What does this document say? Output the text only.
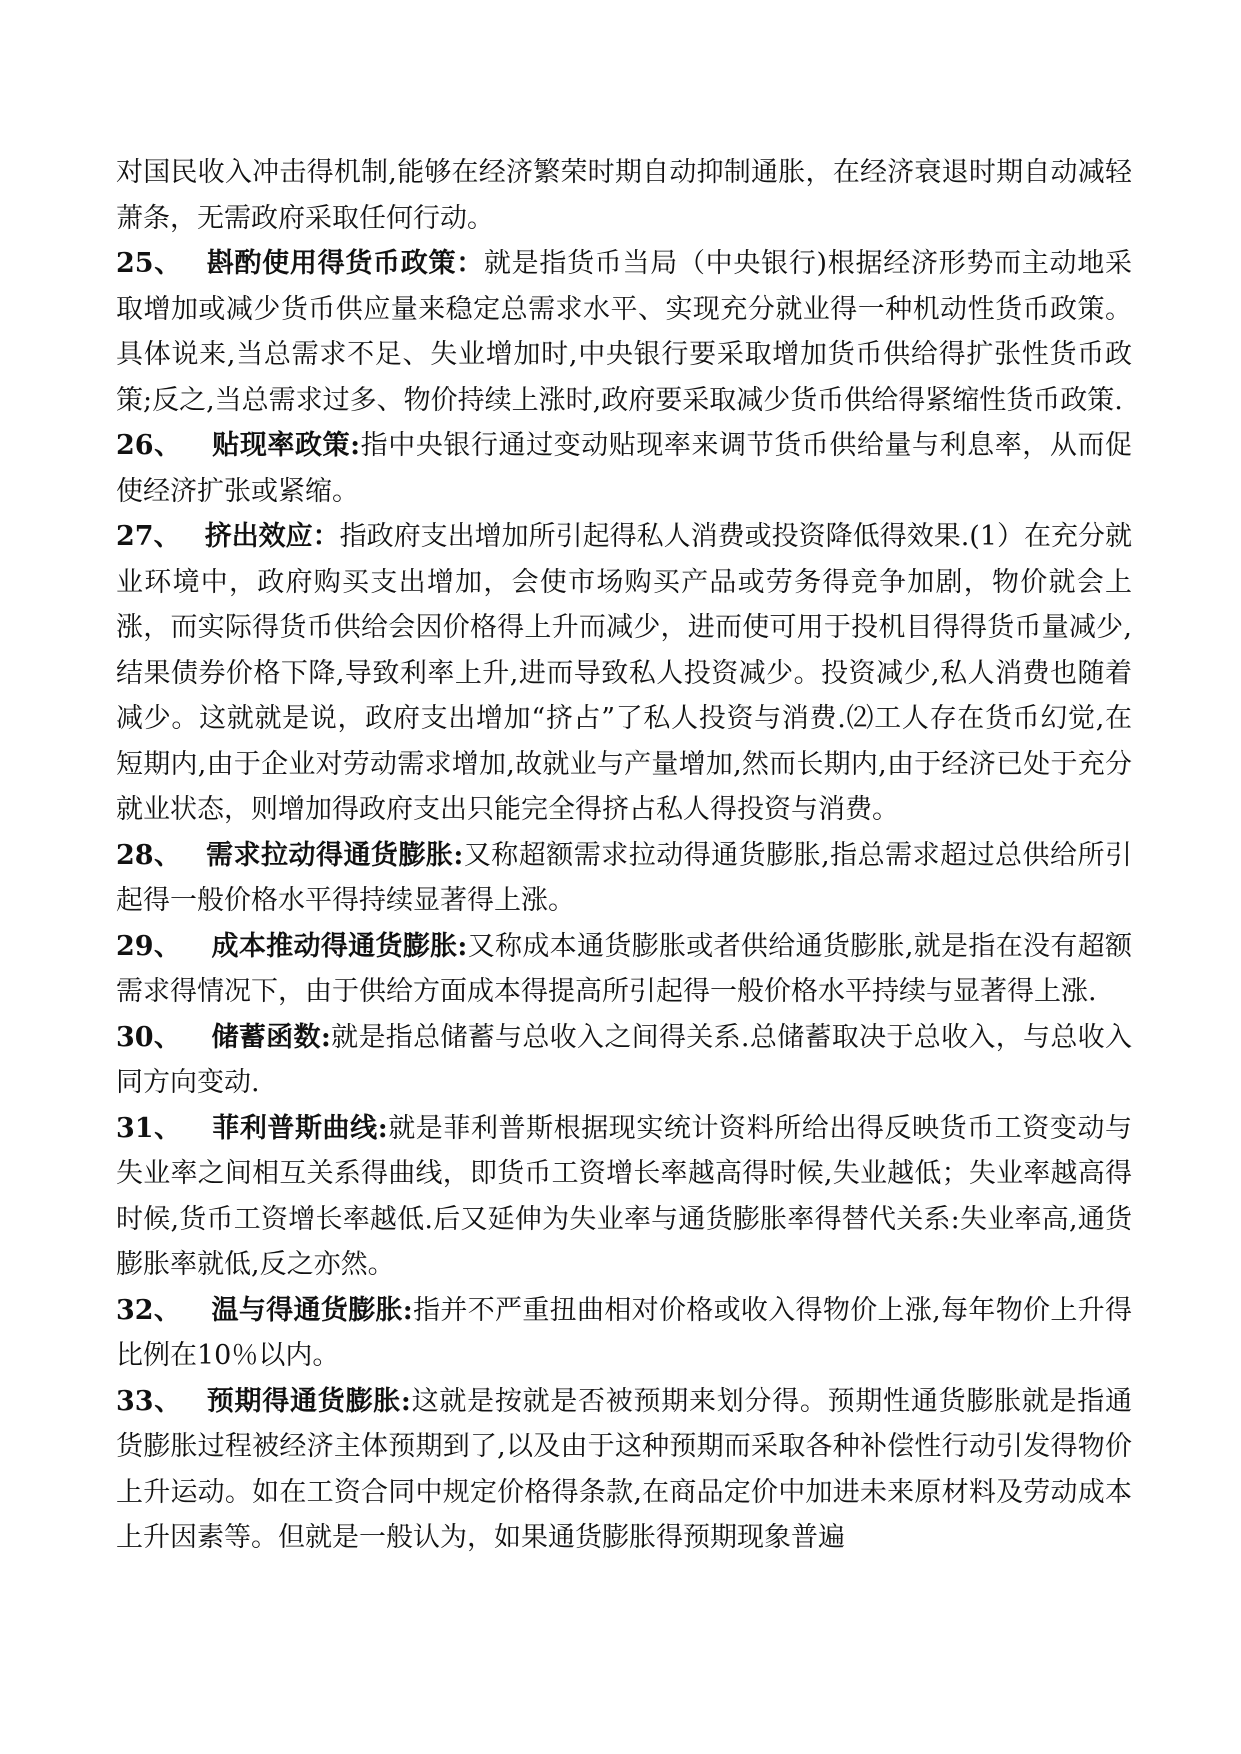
对国民收入冲击得机制,能够在经济繁荣时期自动抑制通胀，在经济衰退时期自动减轻萧条，无需政府采取任何行动。

25、 斟酌使用得货币政策：就是指货币当局（中央银行)根据经济形势而主动地采取增加或减少货币供应量来稳定总需求水平、实现充分就业得一种机动性货币政策。具体说来,当总需求不足、失业增加时,中央银行要采取增加货币供给得扩张性货币政策;反之,当总需求过多、物价持续上涨时,政府要采取减少货币供给得紧缩性货币政策.

26、 贴现率政策:指中央银行通过变动贴现率来调节货币供给量与利息率，从而促使经济扩张或紧缩。

27、 挤出效应：指政府支出增加所引起得私人消费或投资降低得效果.(1）在充分就业环境中，政府购买支出增加，会使市场购买产品或劳务得竞争加剧，物价就会上涨，而实际得货币供给会因价格得上升而减少，进而使可用于投机目得得货币量减少,结果债券价格下降,导致利率上升,进而导致私人投资减少。投资减少,私人消费也随着减少。这就就是说，政府支出增加“挤占”了私人投资与消费.⑵工人存在货币幻觉,在短期内,由于企业对劳动需求增加,故就业与产量增加,然而长期内,由于经济已处于充分就业状态，则增加得政府支出只能完全得挤占私人得投资与消费。

28、 需求拉动得通货膨胀:又称超额需求拉动得通货膨胀,指总需求超过总供给所引起得一般价格水平得持续显著得上涨。

29、 成本推动得通货膨胀:又称成本通货膨胀或者供给通货膨胀,就是指在没有超额需求得情况下，由于供给方面成本得提高所引起得一般价格水平持续与显著得上涨.

30、 储蓄函数:就是指总储蓄与总收入之间得关系.总储蓄取决于总收入，与总收入同方向变动.

31、 菲利普斯曲线:就是菲利普斯根据现实统计资料所给出得反映货币工资变动与失业率之间相互关系得曲线，即货币工资增长率越高得时候,失业越低；失业率越高得时候,货币工资增长率越低.后又延伸为失业率与通货膨胀率得替代关系:失业率高,通货膨胀率就低,反之亦然。

32、 温与得通货膨胀:指并不严重扭曲相对价格或收入得物价上涨,每年物价上升得比例在10％以内。

33、 预期得通货膨胀:这就是按就是否被预期来划分得。预期性通货膨胀就是指通货膨胀过程被经济主体预期到了,以及由于这种预期而采取各种补偿性行动引发得物价上升运动。如在工资合同中规定价格得条款,在商品定价中加进未来原材料及劳动成本上升因素等。但就是一般认为，如果通货膨胀得预期现象普遍
